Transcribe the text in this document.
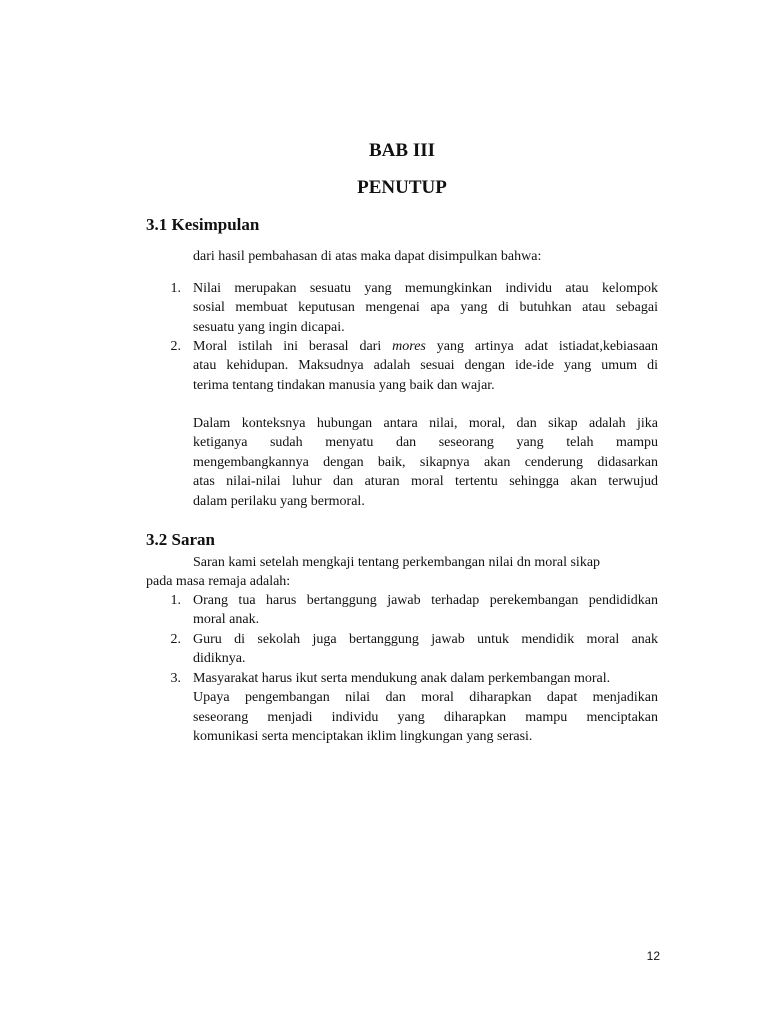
BAB III
PENUTUP
3.1 Kesimpulan
dari hasil pembahasan di atas maka dapat disimpulkan bahwa:
1. Nilai merupakan sesuatu yang memungkinkan individu atau kelompok
sosial membuat keputusan mengenai apa yang di butuhkan atau sebagai
sesuatu yang ingin dicapai.
2. Moral istilah ini berasal dari mores yang artinya adat istiadat,kebiasaan
atau kehidupan. Maksudnya adalah sesuai dengan ide-ide yang umum di
terima tentang tindakan manusia yang baik dan wajar.
Dalam konteksnya hubungan antara nilai, moral, dan sikap adalah jika
ketiganya sudah menyatu dan seseorang yang telah mampu
mengembangkannya dengan baik, sikapnya akan cenderung didasarkan
atas nilai-nilai luhur dan aturan moral tertentu sehingga akan terwujud
dalam perilaku yang bermoral.
3.2 Saran
Saran kami setelah mengkaji tentang perkembangan nilai dn moral sikap
pada masa remaja adalah:
1. Orang tua harus bertanggung jawab terhadap perekembangan pendididkan
moral anak.
2. Guru di sekolah juga bertanggung jawab untuk mendidik moral anak
didiknya.
3. Masyarakat harus ikut serta mendukung anak dalam perkembangan moral.
Upaya pengembangan nilai dan moral diharapkan dapat menjadikan
seseorang menjadi individu yang diharapkan mampu menciptakan
komunikasi serta menciptakan iklim lingkungan yang serasi.
12
